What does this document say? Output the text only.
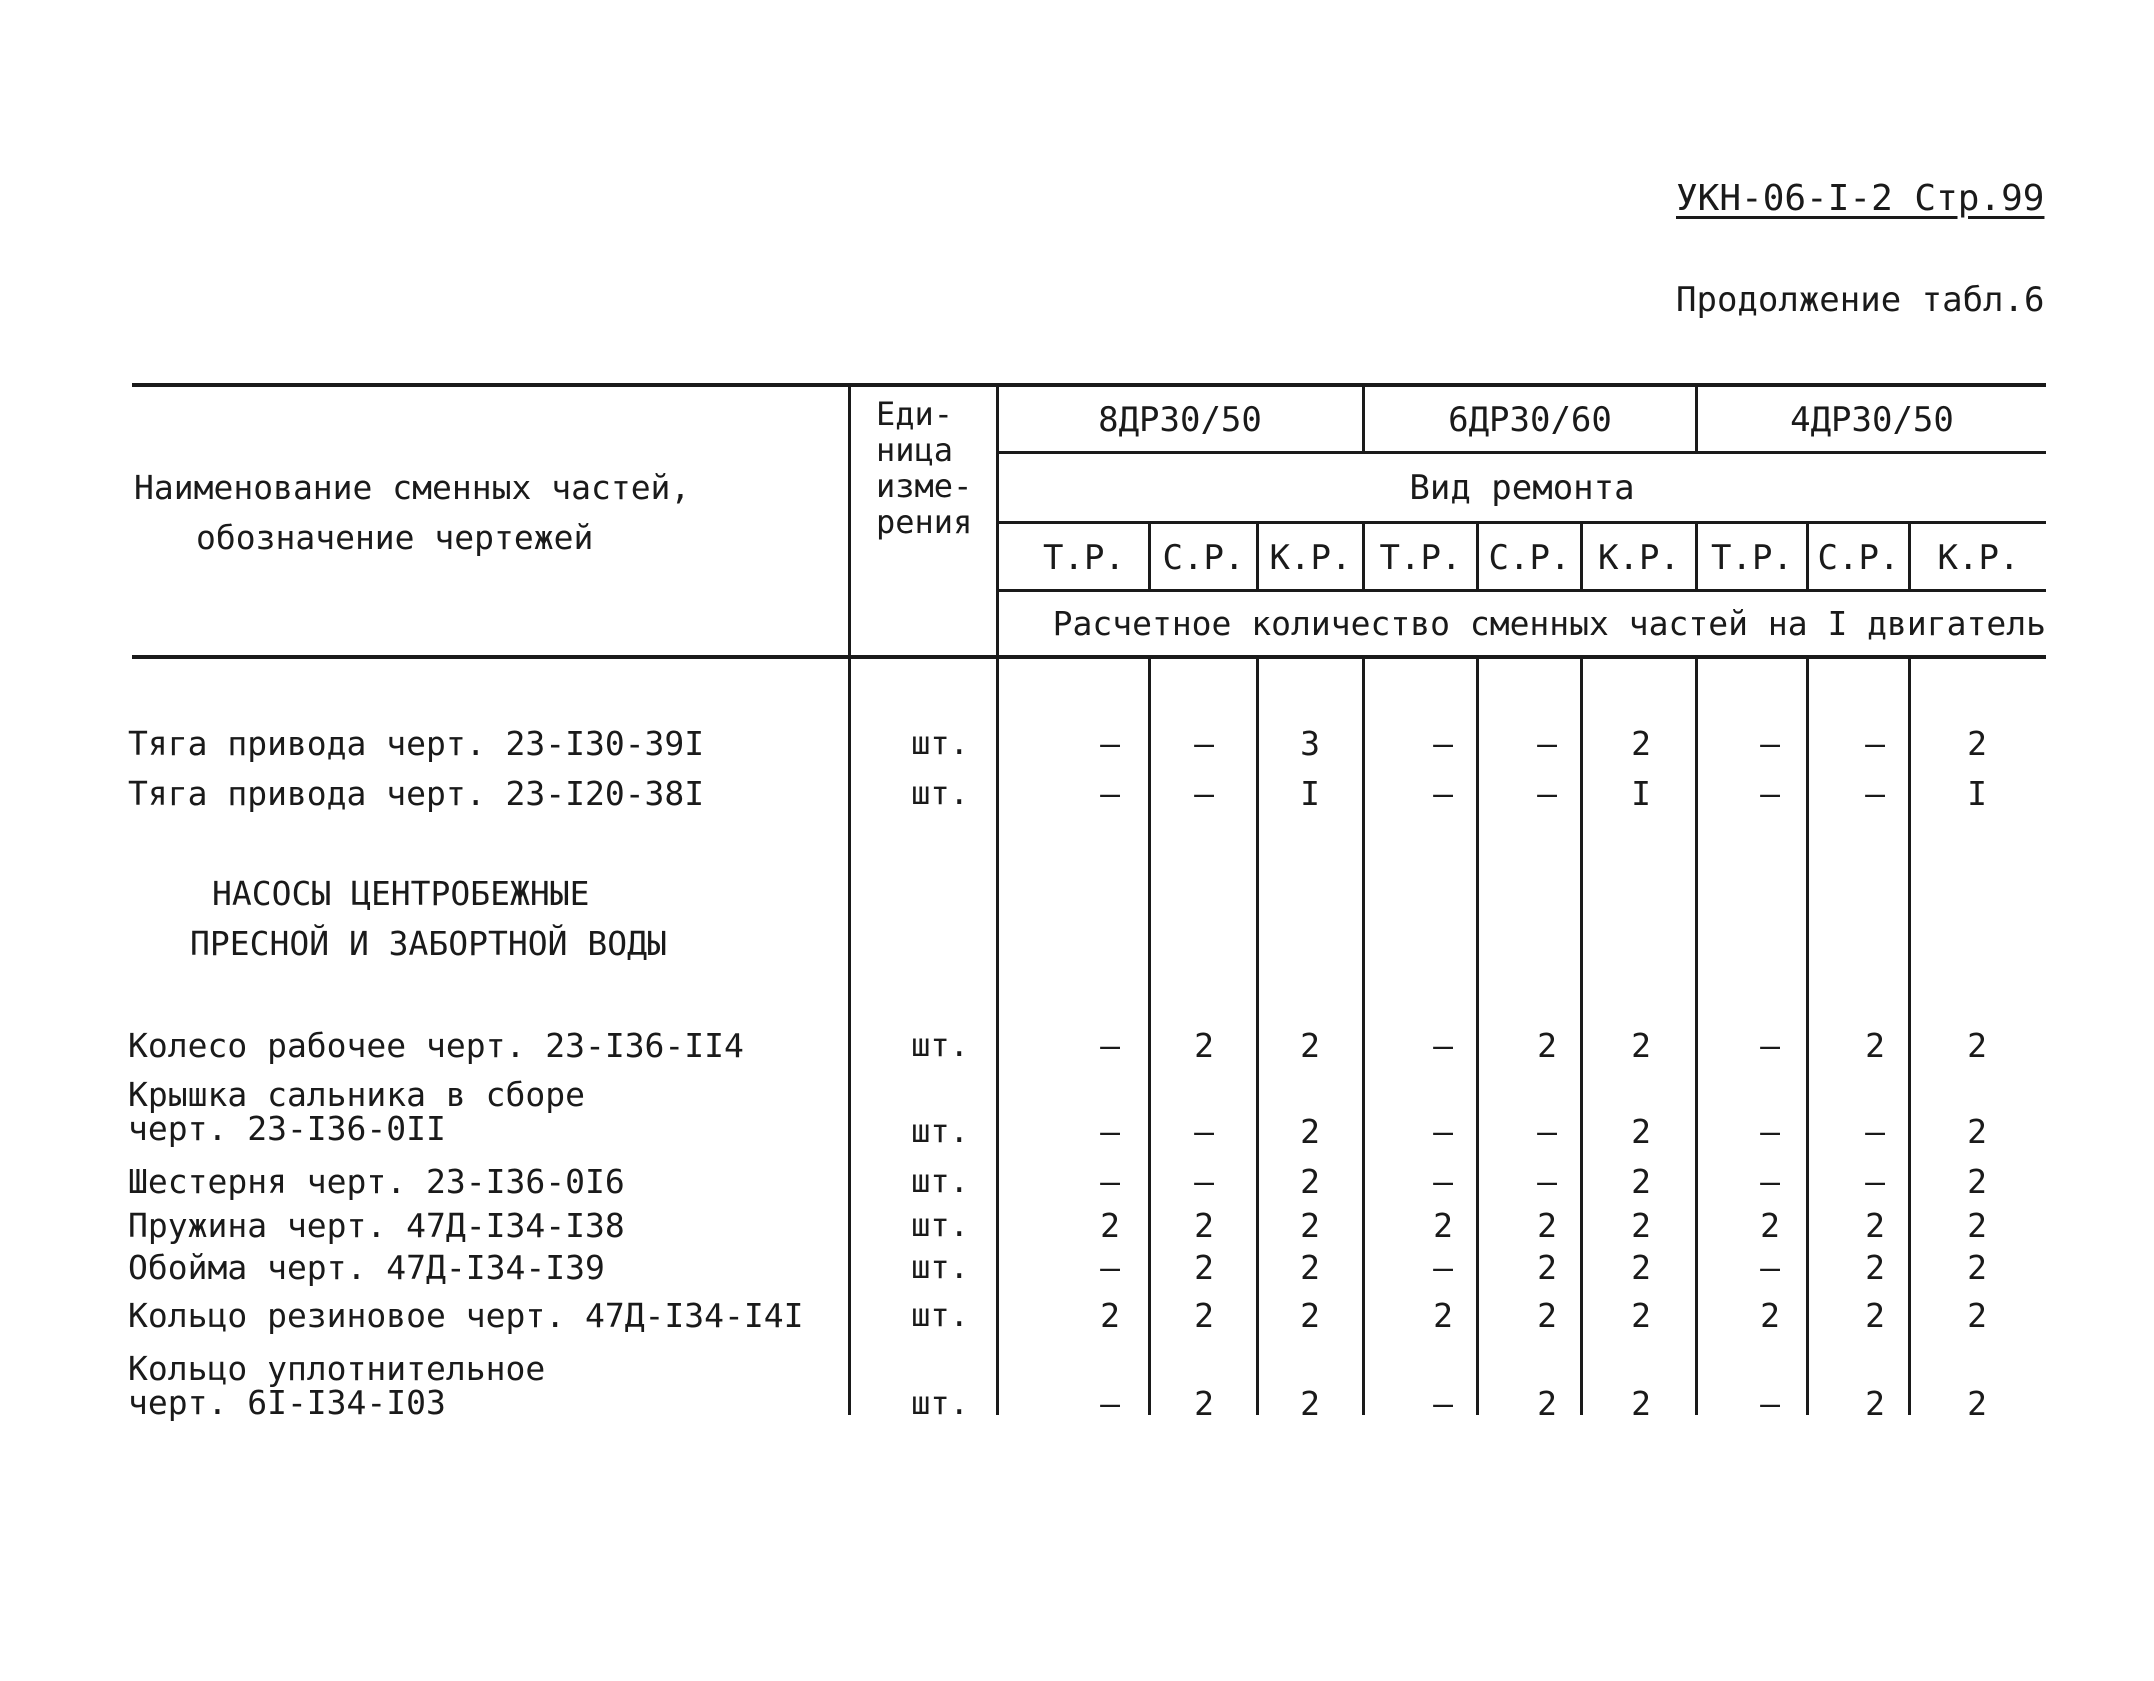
УКН-06-I-2 Стр.99
Продолжение табл.6
Наименование сменных частей,
обозначение чертежей
Еди-
ница
изме-
рения
8ДР30/50	6ДР30/60	4ДР30/50
Вид ремонта
Т.Р.	С.Р. К.Р. Т.Р. С.Р. К.Р. Т.Р. С.Р.	К.Р.
Расчетное количество сменных частей на I двигатель
Тяга привода черт. 23-I30-39I	шт.	–	–	3	–	–	2	–	–	2
Тяга привода черт. 23-I20-38I	шт.	–	–	I	–	–	I	–	–	I
НАСОСЫ ЦЕНТРОБЕЖНЫЕ
ПРЕСНОЙ И ЗАБОРТНОЙ ВОДЫ
Колесо рабочее черт. 23-I36-II4	шт.	–	2	2	–	2	2	–	2	2
Крышка сальника в сборе
черт. 23-I36-0II	шт.	–	–	2	–	–	2	–	–	2
Шестерня черт. 23-I36-0I6	шт.	–	–	2	–	–	2	–	–	2
Пружина черт. 47Д-I34-I38	шт.	2	2	2	2	2	2	2	2	2
Обойма черт. 47Д-I34-I39	шт.	–	2	2	–	2	2	–	2	2
Кольцо резиновое черт. 47Д-I34-I4I	шт.	2	2	2	2	2	2	2	2	2
Кольцо уплотнительное
черт. 6I-I34-I03	шт.	–	2	2	–	2	2	–	2	2
